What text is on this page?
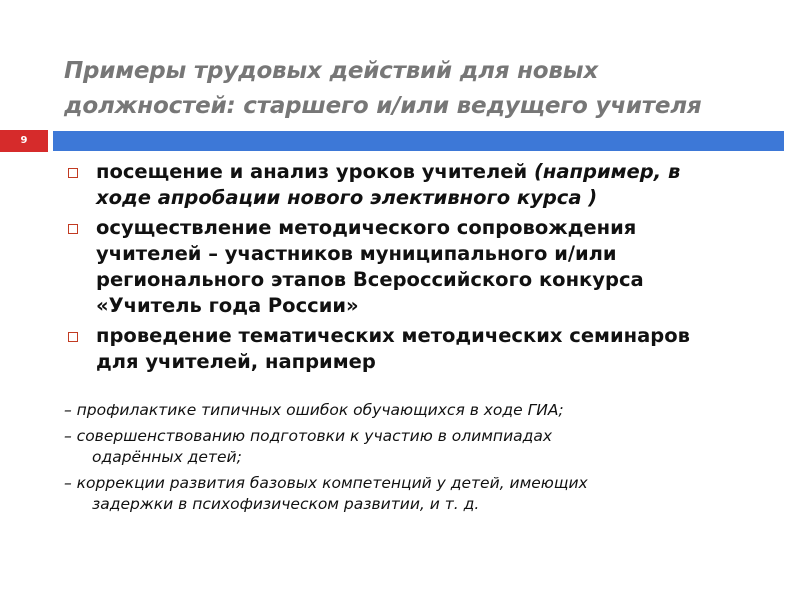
Примеры трудовых действий для новых
должностей: старшего и/или ведущего учителя
9
посещение и анализ уроков учителей (например, в
ходе апробации нового элективного курса )
осуществление методического сопровождения
учителей – участников муниципального и/или
регионального этапов Всероссийского конкурса
«Учитель года России»
проведение тематических методических семинаров
для учителей, например
– профилактике типичных ошибок обучающихся в ходе ГИА;
– совершенствованию подготовки к участию в олимпиадах
одарённых детей;
– коррекции развития базовых компетенций у детей, имеющих
задержки в психофизическом развитии, и т. д.
